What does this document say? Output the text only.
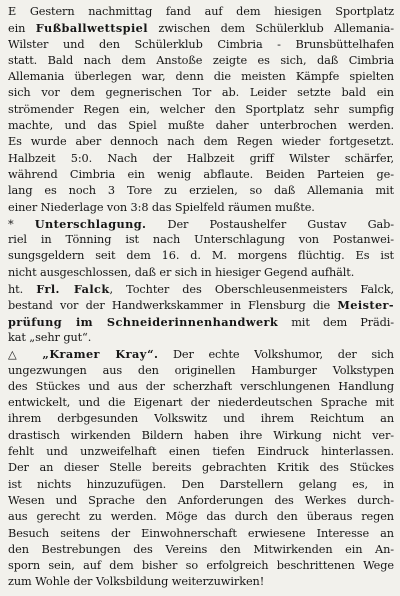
E Gestern nachmittag fand auf dem hiesigen Sportplatz
ein Fußballwettspiel zwischen dem Schülerklub Allemania-
Wilster und den Schülerklub Cimbria - Brunsbüttelhafen
statt. Bald nach dem Anstoße zeigte es sich, daß Cimbria
Allemania überlegen war, denn die meisten Kämpfe spielten
sich vor dem gegnerischen Tor ab. Leider setzte bald ein
strömender Regen ein, welcher den Sportplatz sehr sumpfig
machte, und das Spiel mußte daher unterbrochen werden.
Es wurde aber dennoch nach dem Regen wieder fortgesetzt.
Halbzeit 5:0. Nach der Halbzeit griff Wilster schärfer,
während Cimbria ein wenig abflaute. Beiden Parteien ge-
lang es noch 3 Tore zu erzielen, so daß Allemania mit
einer Niederlage von 3:8 das Spielfeld räumen mußte.
* Unterschlagung. Der Postaushelfer Gustav Gab-
riel in Tönning ist nach Unterschlagung von Postanwei-
sungsgeldern seit dem 16. d. M. morgens flüchtig. Es ist
nicht ausgeschlossen, daß er sich in hiesiger Gegend aufhält.
ht. Frl. Falck, Tochter des Oberschleusenmeisters Falck,
bestand vor der Handwerkskammer in Flensburg die Meister-
prüfung im Schneiderinnenhandwerk mit dem Prädi-
kat „sehr gut“.
△ „Kramer Kray“. Der echte Volkshumor, der sich
ungezwungen aus den originellen Hamburger Volkstypen
des Stückes und aus der scherzhaft verschlungenen Handlung
entwickelt, und die Eigenart der niederdeutschen Sprache mit
ihrem derbgesunden Volkswitz und ihrem Reichtum an
drastisch wirkenden Bildern haben ihre Wirkung nicht ver-
fehlt und unzweifelhaft einen tiefen Eindruck hinterlassen.
Der an dieser Stelle bereits gebrachten Kritik des Stückes
ist nichts hinzuzufügen. Den Darstellern gelang es, in
Wesen und Sprache den Anforderungen des Werkes durch-
aus gerecht zu werden. Möge das durch den überaus regen
Besuch seitens der Einwohnerschaft erwiesene Interesse an
den Bestrebungen des Vereins den Mitwirkenden ein An-
sporn sein, auf dem bisher so erfolgreich beschrittenen Wege
zum Wohle der Volksbildung weiterzuwirken!
